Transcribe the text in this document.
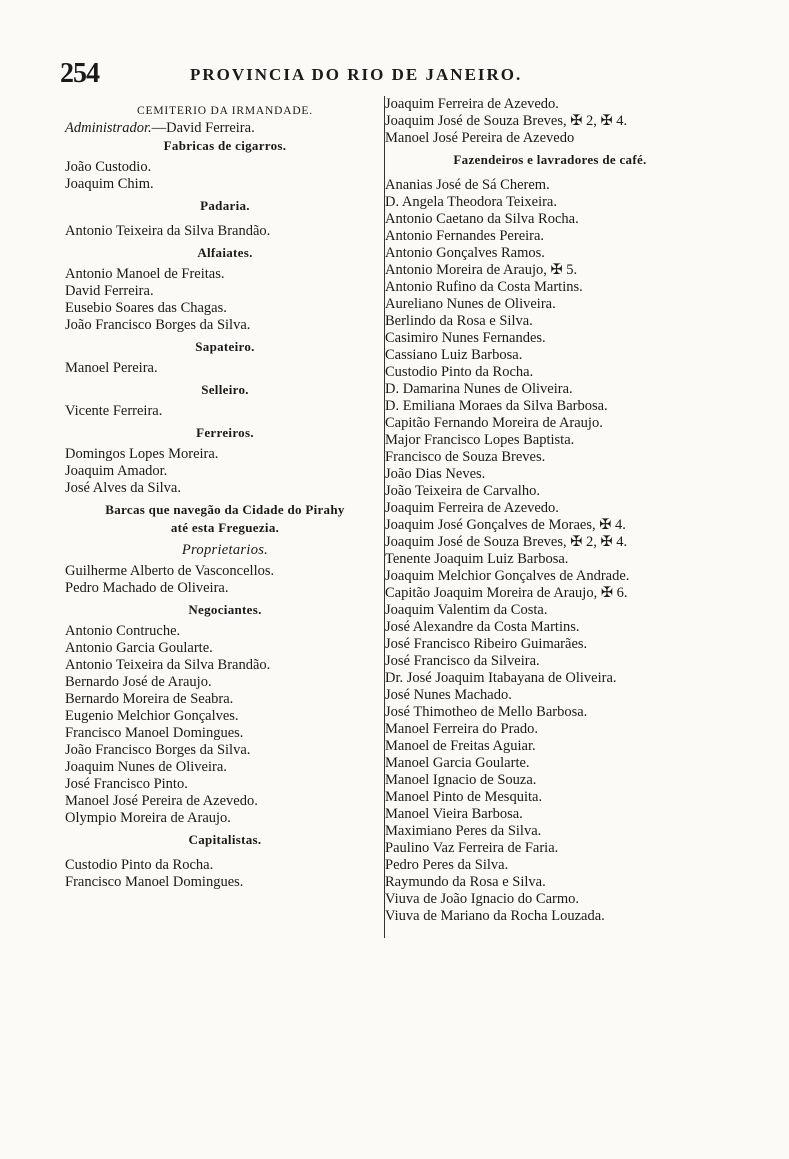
254	PROVINCIA DO RIO DE JANEIRO.
CEMITERIO DA IRMANDADE.
Administrador.—David Ferreira.
Fabricas de cigarros.
João Custodio.
Joaquim Chim.
Padaria.
Antonio Teixeira da Silva Brandão.
Alfaiates.
Antonio Manoel de Freitas.
David Ferreira.
Eusebio Soares das Chagas.
João Francisco Borges da Silva.
Sapateiro.
Manoel Pereira.
Selleiro.
Vicente Ferreira.
Ferreiros.
Domingos Lopes Moreira.
Joaquim Amador.
José Alves da Silva.
Barcas que navegão da Cidade do Pirahy
até esta Freguezia.
Proprietarios.
Guilherme Alberto de Vasconcellos.
Pedro Machado de Oliveira.
Negociantes.
Antonio Contruche.
Antonio Garcia Goularte.
Antonio Teixeira da Silva Brandão.
Bernardo José de Araujo.
Bernardo Moreira de Seabra.
Eugenio Melchior Gonçalves.
Francisco Manoel Domingues.
João Francisco Borges da Silva.
Joaquim Nunes de Oliveira.
José Francisco Pinto.
Manoel José Pereira de Azevedo.
Olympio Moreira de Araujo.
Capitalistas.
Custodio Pinto da Rocha.
Francisco Manoel Domingues.
Joaquim Ferreira de Azevedo.
Joaquim José de Souza Breves, ✠ 2, ✠ 4.
Manoel José Pereira de Azevedo
Fazendeiros e lavradores de café.
Ananias José de Sá Cherem.
D. Angela Theodora Teixeira.
Antonio Caetano da Silva Rocha.
Antonio Fernandes Pereira.
Antonio Gonçalves Ramos.
Antonio Moreira de Araujo, ✠ 5.
Antonio Rufino da Costa Martins.
Aureliano Nunes de Oliveira.
Berlindo da Rosa e Silva.
Casimiro Nunes Fernandes.
Cassiano Luiz Barbosa.
Custodio Pinto da Rocha.
D. Damarina Nunes de Oliveira.
D. Emiliana Moraes da Silva Barbosa.
Capitão Fernando Moreira de Araujo.
Major Francisco Lopes Baptista.
Francisco de Souza Breves.
João Dias Neves.
João Teixeira de Carvalho.
Joaquim Ferreira de Azevedo.
Joaquim José Gonçalves de Moraes, ✠ 4.
Joaquim José de Souza Breves, ✠ 2, ✠ 4.
Tenente Joaquim Luiz Barbosa.
Joaquim Melchior Gonçalves de Andrade.
Capitão Joaquim Moreira de Araujo, ✠ 6.
Joaquim Valentim da Costa.
José Alexandre da Costa Martins.
José Francisco Ribeiro Guimarães.
José Francisco da Silveira.
Dr. José Joaquim Itabayana de Oliveira.
José Nunes Machado.
José Thimotheo de Mello Barbosa.
Manoel Ferreira do Prado.
Manoel de Freitas Aguiar.
Manoel Garcia Goularte.
Manoel Ignacio de Souza.
Manoel Pinto de Mesquita.
Manoel Vieira Barbosa.
Maximiano Peres da Silva.
Paulino Vaz Ferreira de Faria.
Pedro Peres da Silva.
Raymundo da Rosa e Silva.
Viuva de João Ignacio do Carmo.
Viuva de Mariano da Rocha Louzada.
